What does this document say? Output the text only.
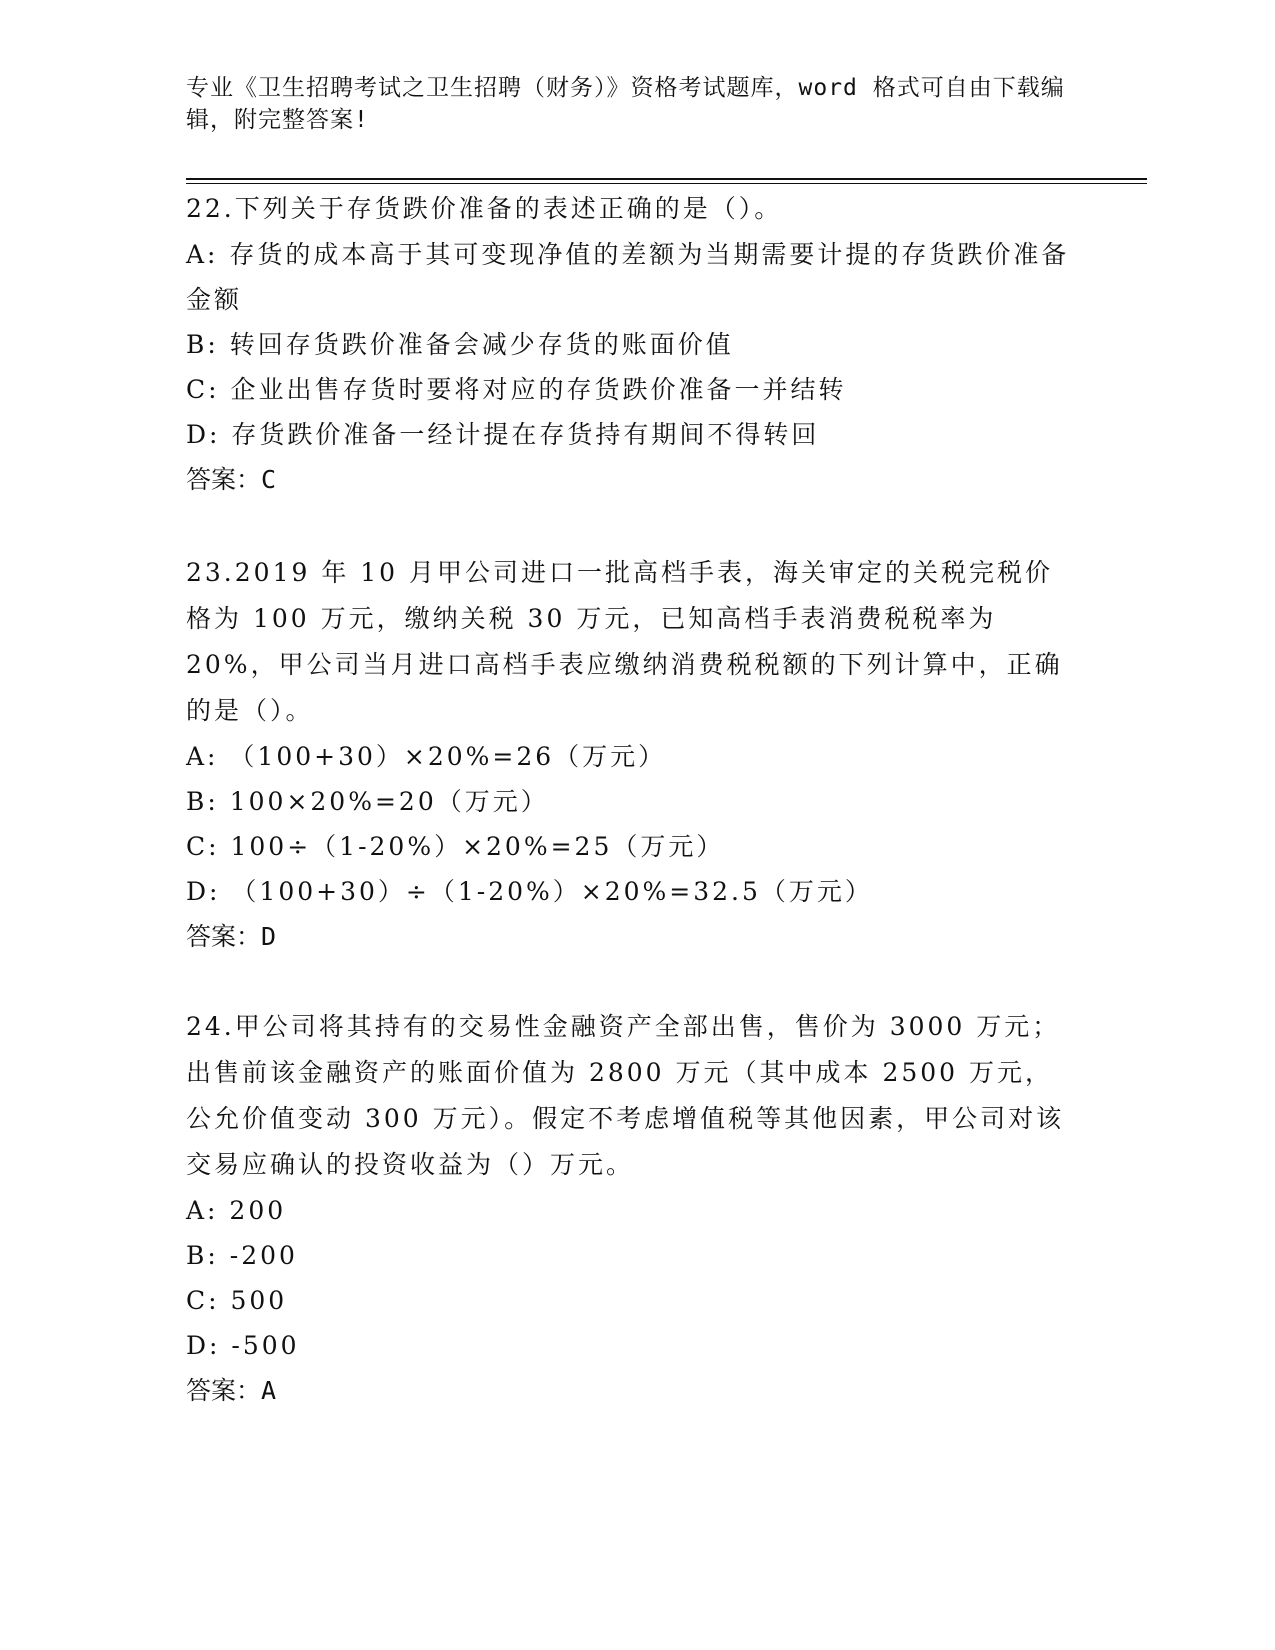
专业《卫生招聘考试之卫生招聘（财务）》资格考试题库，word 格式可自由下载编辑，附完整答案!

22.下列关于存货跌价准备的表述正确的是（）。

A: 存货的成本高于其可变现净值的差额为当期需要计提的存货跌价准备金额

B: 转回存货跌价准备会减少存货的账面价值

C: 企业出售存货时要将对应的存货跌价准备一并结转

D: 存货跌价准备一经计提在存货持有期间不得转回

答案：C

23.2019 年 10 月甲公司进口一批高档手表，海关审定的关税完税价格为 100 万元，缴纳关税 30 万元，已知高档手表消费税税率为 20%，甲公司当月进口高档手表应缴纳消费税税额的下列计算中，正确的是（）。

A: （100+30）×20%=26（万元）

B: 100×20%=20（万元）

C: 100÷（1-20%）×20%=25（万元）

D: （100+30）÷（1-20%）×20%=32.5（万元）

答案：D

24.甲公司将其持有的交易性金融资产全部出售，售价为 3000 万元；出售前该金融资产的账面价值为 2800 万元（其中成本 2500 万元，公允价值变动 300 万元）。假定不考虑增值税等其他因素，甲公司对该交易应确认的投资收益为（）万元。

A: 200

B: -200

C: 500

D: -500

答案：A
